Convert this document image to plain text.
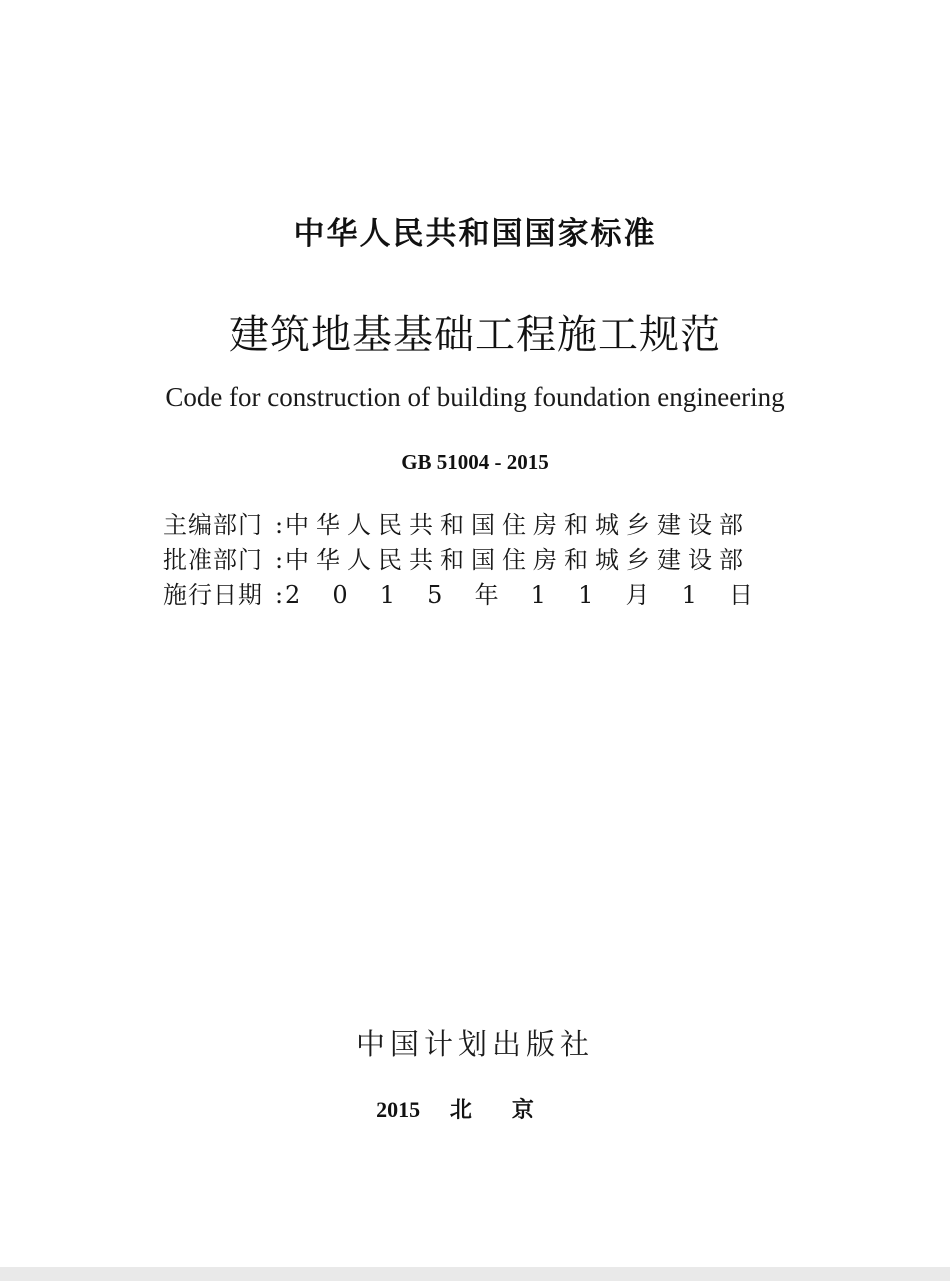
中华人民共和国国家标准
建筑地基基础工程施工规范
Code for construction of building foundation engineering
GB 51004 - 2015
主编部门 : 中华人民共和国住房和城乡建设部
批准部门 : 中华人民共和国住房和城乡建设部
施行日期 : 2 0 1 5 年 1 1 月 1 日
中国计划出版社
2015 北京
